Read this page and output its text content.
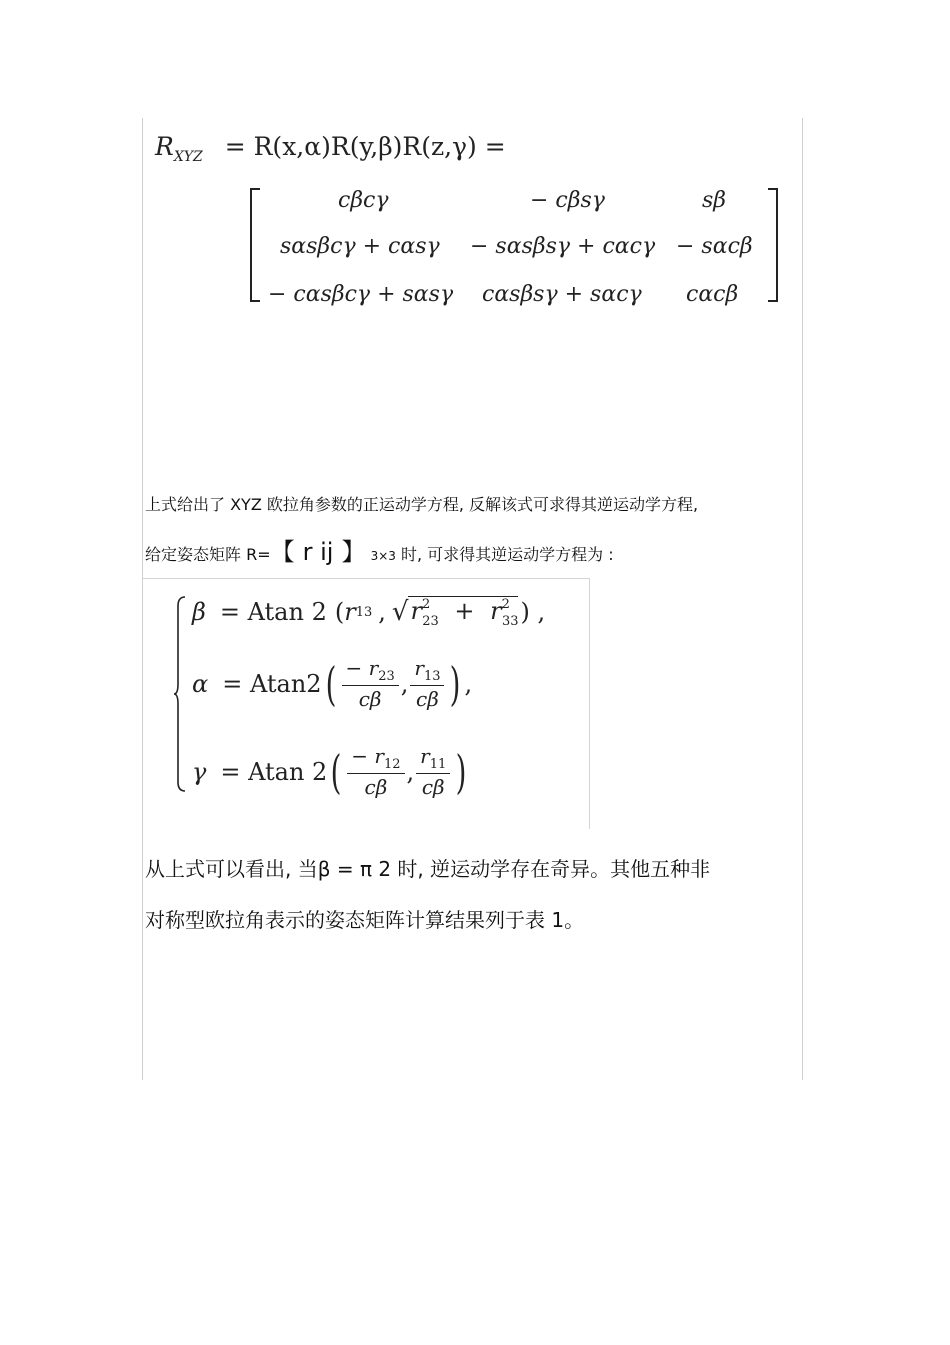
$R_{XYZ} = R(x,\alpha)R(y,\beta)R(z,\gamma)$ =
cβcγ	− cβsγ	sβ
sαsβcγ + cαsγ − sαsβsγ + cαcγ − sαcβ
− cαsβcγ + sαsγ cαsβsγ + sαcγ cαcβ
上式给出了 XYZ 欧拉角参数的正运动学方程, 反解该式可求得其逆运动学方程,
给定姿态矩阵 R=【 r ij 】 3×3 时, 可求得其逆运动学方程为 :
β = Atan 2 ( r 13 , √ $r^2_{23} + r^2_{33}$ ) ,
α = Atan2 ( $\frac{- r_{23}}{c\beta}$ , $\frac{r_{13}}{c\beta}$ ) ,
γ = Atan 2 ( $\frac{- r_{12}}{c\beta}$ , $\frac{r_{11}}{c\beta}$ )
从上式可以看出, 当β = π 2 时, 逆运动学存在奇异。其他五种非
对称型欧拉角表示的姿态矩阵计算结果列于表 1。
